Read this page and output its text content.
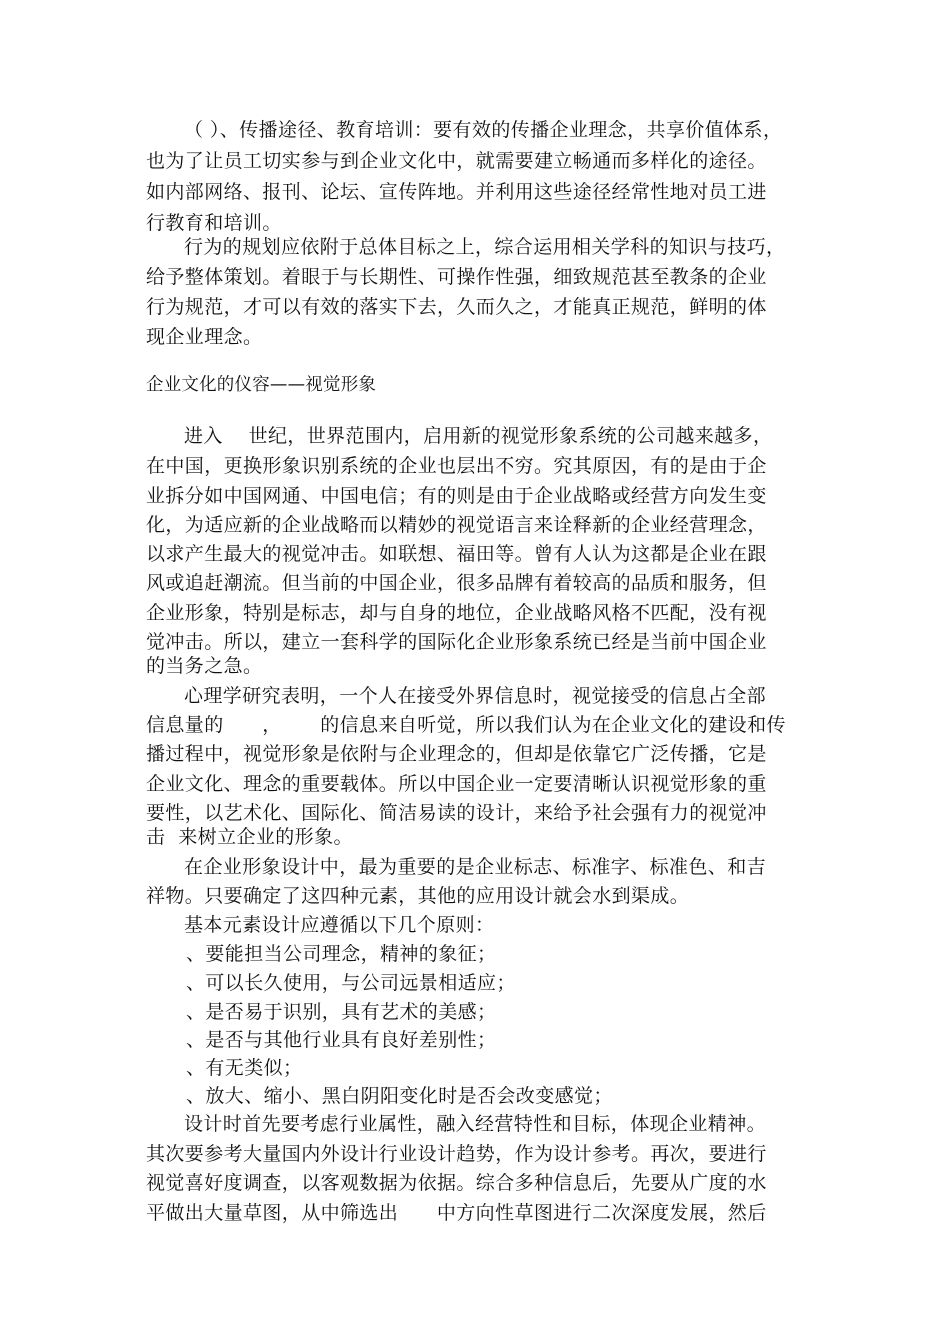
（ ）、传播途径、教育培训：要有效的传播企业理念，共享价值体系，
也为了让员工切实参与到企业文化中，就需要建立畅通而多样化的途径。
如内部网络、报刊、论坛、宣传阵地。并利用这些途径经常性地对员工进
行教育和培训。
行为的规划应依附于总体目标之上，综合运用相关学科的知识与技巧，
给予整体策划。着眼于与长期性、可操作性强，细致规范甚至教条的企业
行为规范，才可以有效的落实下去，久而久之，才能真正规范，鲜明的体
现企业理念。
企业文化的仪容——视觉形象
进入    世纪，世界范围内，启用新的视觉形象系统的公司越来越多，
在中国，更换形象识别系统的企业也层出不穷。究其原因，有的是由于企
业拆分如中国网通、中国电信；有的则是由于企业战略或经营方向发生变
化，为适应新的企业战略而以精妙的视觉语言来诠释新的企业经营理念，
以求产生最大的视觉冲击。如联想、福田等。曾有人认为这都是企业在跟
风或追赶潮流。但当前的中国企业，很多品牌有着较高的品质和服务，但
企业形象，特别是标志，却与自身的地位，企业战略风格不匹配，没有视
觉冲击。所以，建立一套科学的国际化企业形象系统已经是当前中国企业
的当务之急。
心理学研究表明，一个人在接受外界信息时，视觉接受的信息占全部
信息量的      ，      的信息来自听觉，所以我们认为在企业文化的建设和传
播过程中，视觉形象是依附与企业理念的，但却是依靠它广泛传播，它是
企业文化、理念的重要载体。所以中国企业一定要清晰认识视觉形象的重
要性，以艺术化、国际化、简洁易读的设计，来给予社会强有力的视觉冲
击  来树立企业的形象。
在企业形象设计中，最为重要的是企业标志、标准字、标准色、和吉
祥物。只要确定了这四种元素，其他的应用设计就会水到渠成。
基本元素设计应遵循以下几个原则：
、要能担当公司理念，精神的象征；
、可以长久使用，与公司远景相适应；
、是否易于识别，具有艺术的美感；
、是否与其他行业具有良好差别性；
、有无类似；
、放大、缩小、黑白阴阳变化时是否会改变感觉；
设计时首先要考虑行业属性，融入经营特性和目标，体现企业精神。
其次要参考大量国内外设计行业设计趋势，作为设计参考。再次，要进行
视觉喜好度调查，以客观数据为依据。综合多种信息后，先要从广度的水
平做出大量草图，从中筛选出      中方向性草图进行二次深度发展，然后
